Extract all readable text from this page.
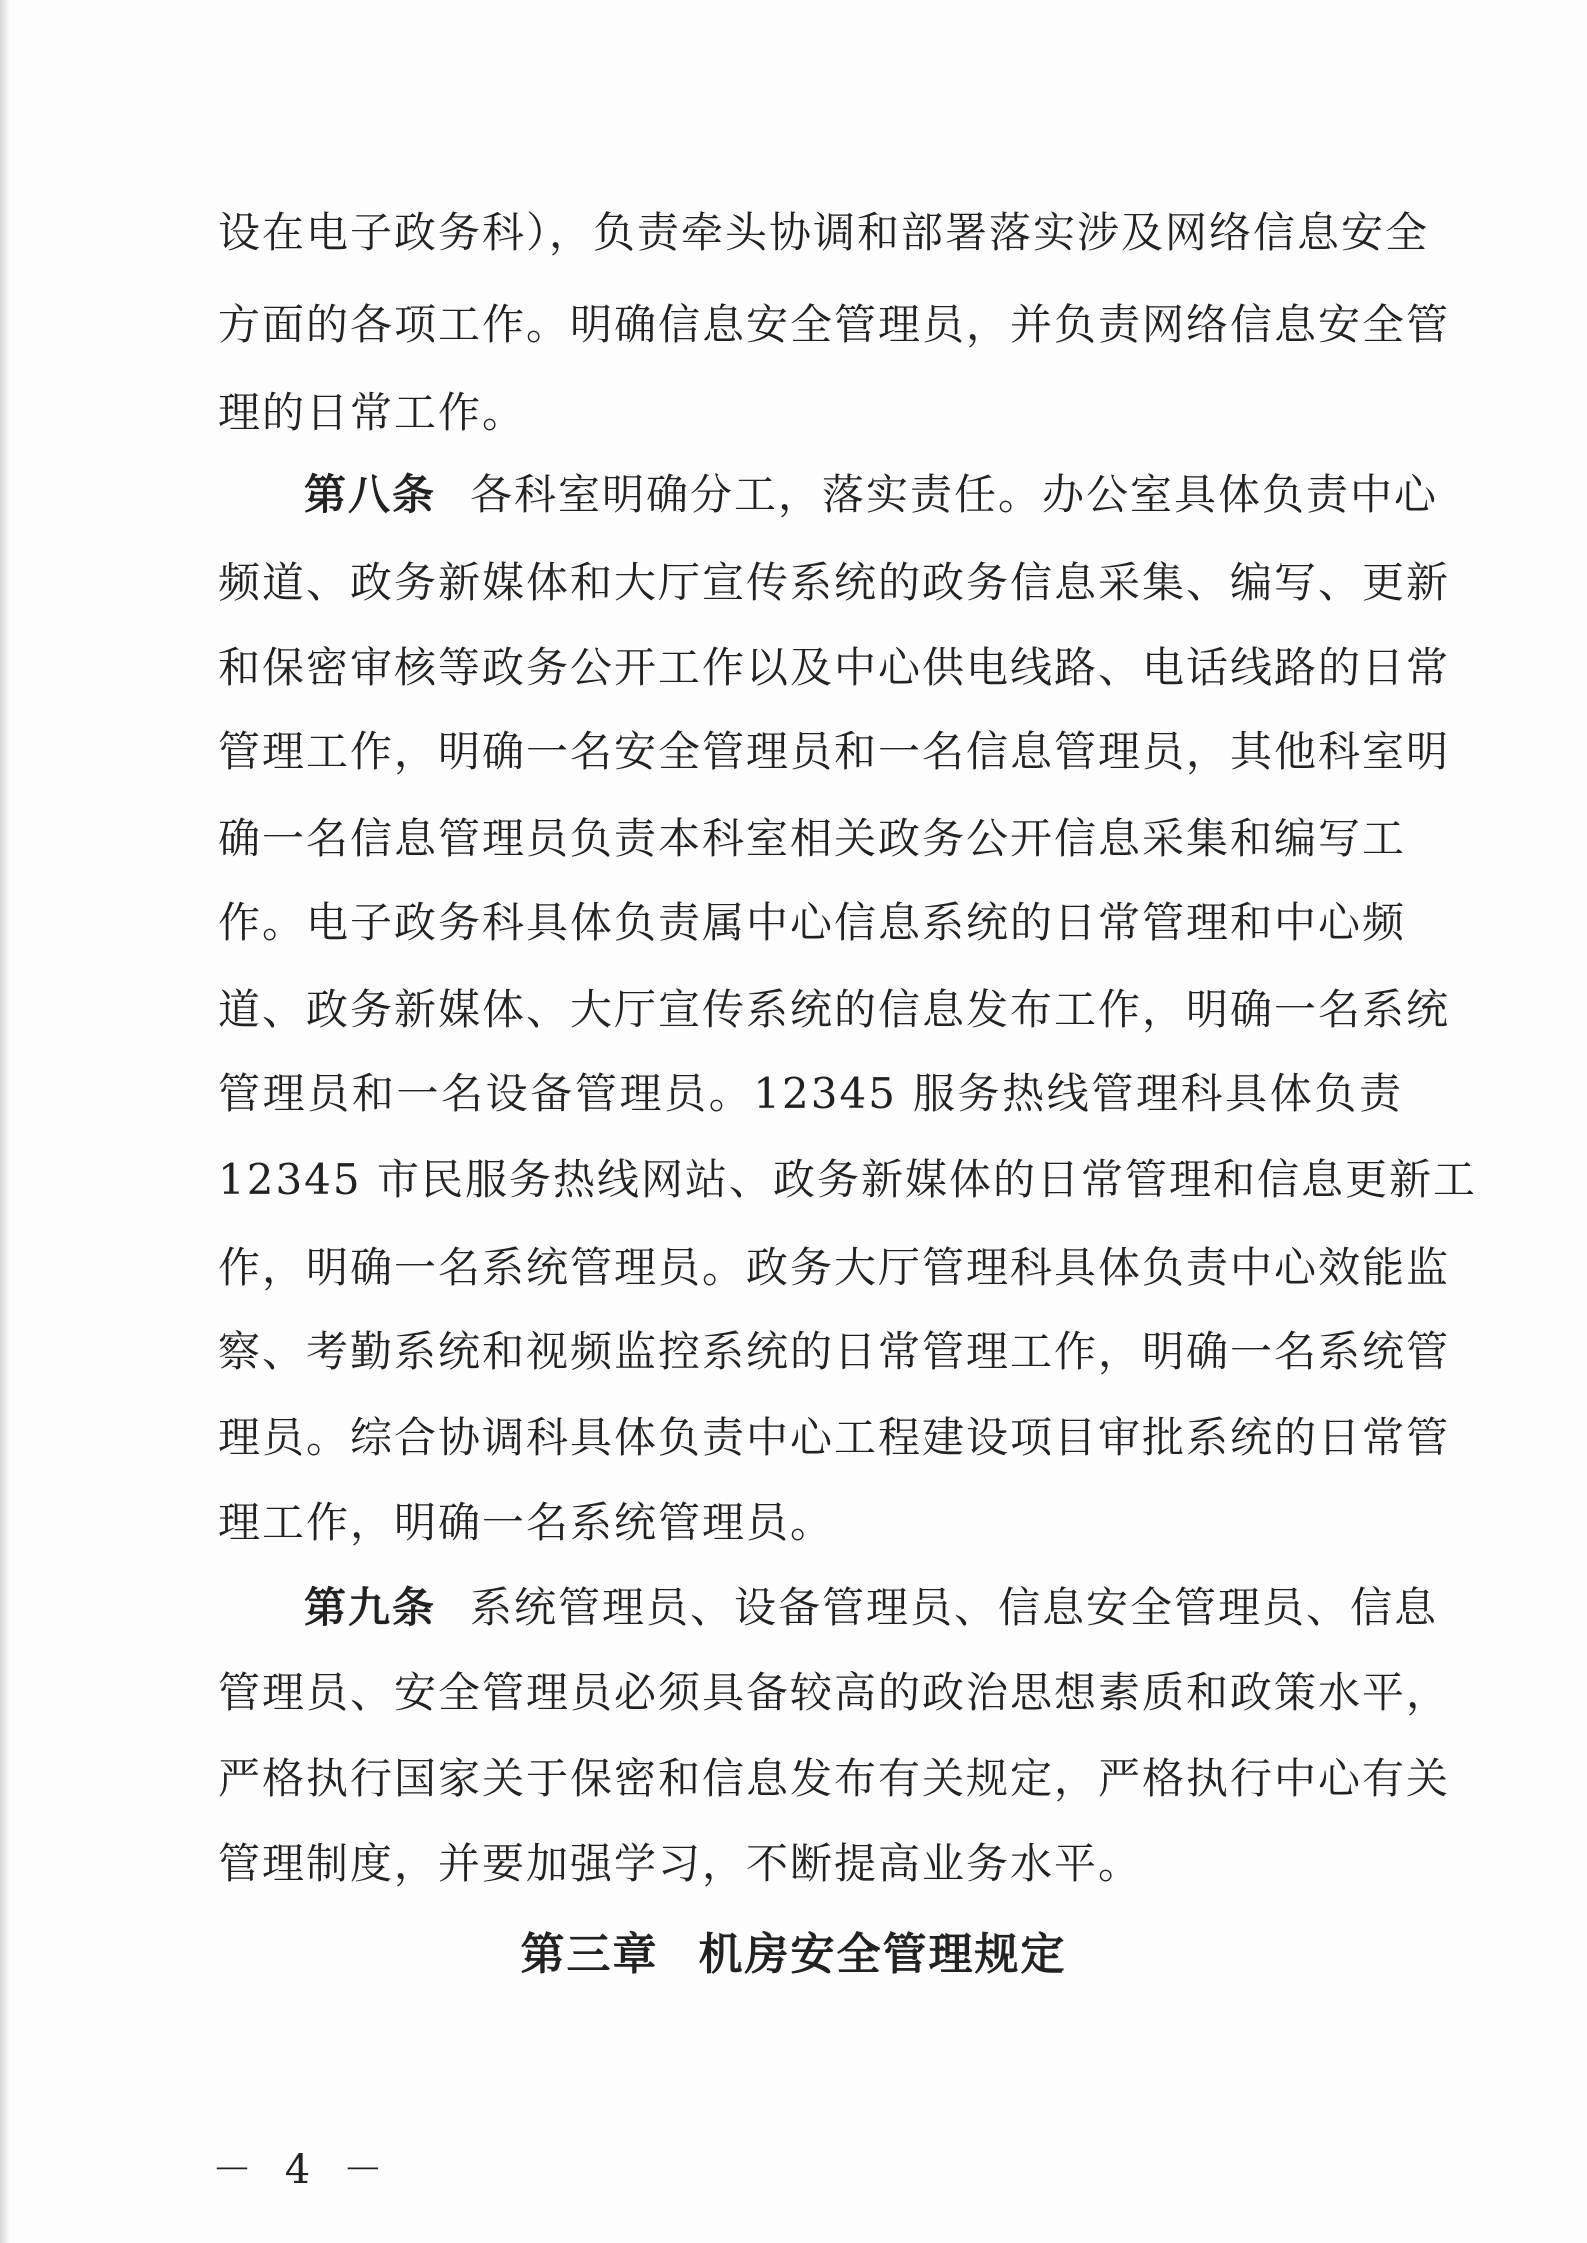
设在电子政务科），负责牵头协调和部署落实涉及网络信息安全
方面的各项工作。明确信息安全管理员，并负责网络信息安全管
理的日常工作。
第八条 各科室明确分工，落实责任。办公室具体负责中心
频道、政务新媒体和大厅宣传系统的政务信息采集、编写、更新
和保密审核等政务公开工作以及中心供电线路、电话线路的日常
管理工作，明确一名安全管理员和一名信息管理员，其他科室明
确一名信息管理员负责本科室相关政务公开信息采集和编写工
作。电子政务科具体负责属中心信息系统的日常管理和中心频
道、政务新媒体、大厅宣传系统的信息发布工作，明确一名系统
管理员和一名设备管理员。12345 服务热线管理科具体负责
12345 市民服务热线网站、政务新媒体的日常管理和信息更新工
作，明确一名系统管理员。政务大厅管理科具体负责中心效能监
察、考勤系统和视频监控系统的日常管理工作，明确一名系统管
理员。综合协调科具体负责中心工程建设项目审批系统的日常管
理工作，明确一名系统管理员。
第九条 系统管理员、设备管理员、信息安全管理员、信息
管理员、安全管理员必须具备较高的政治思想素质和政策水平，
严格执行国家关于保密和信息发布有关规定，严格执行中心有关
管理制度，并要加强学习，不断提高业务水平。
第三章 机房安全管理规定
－ 4 －
